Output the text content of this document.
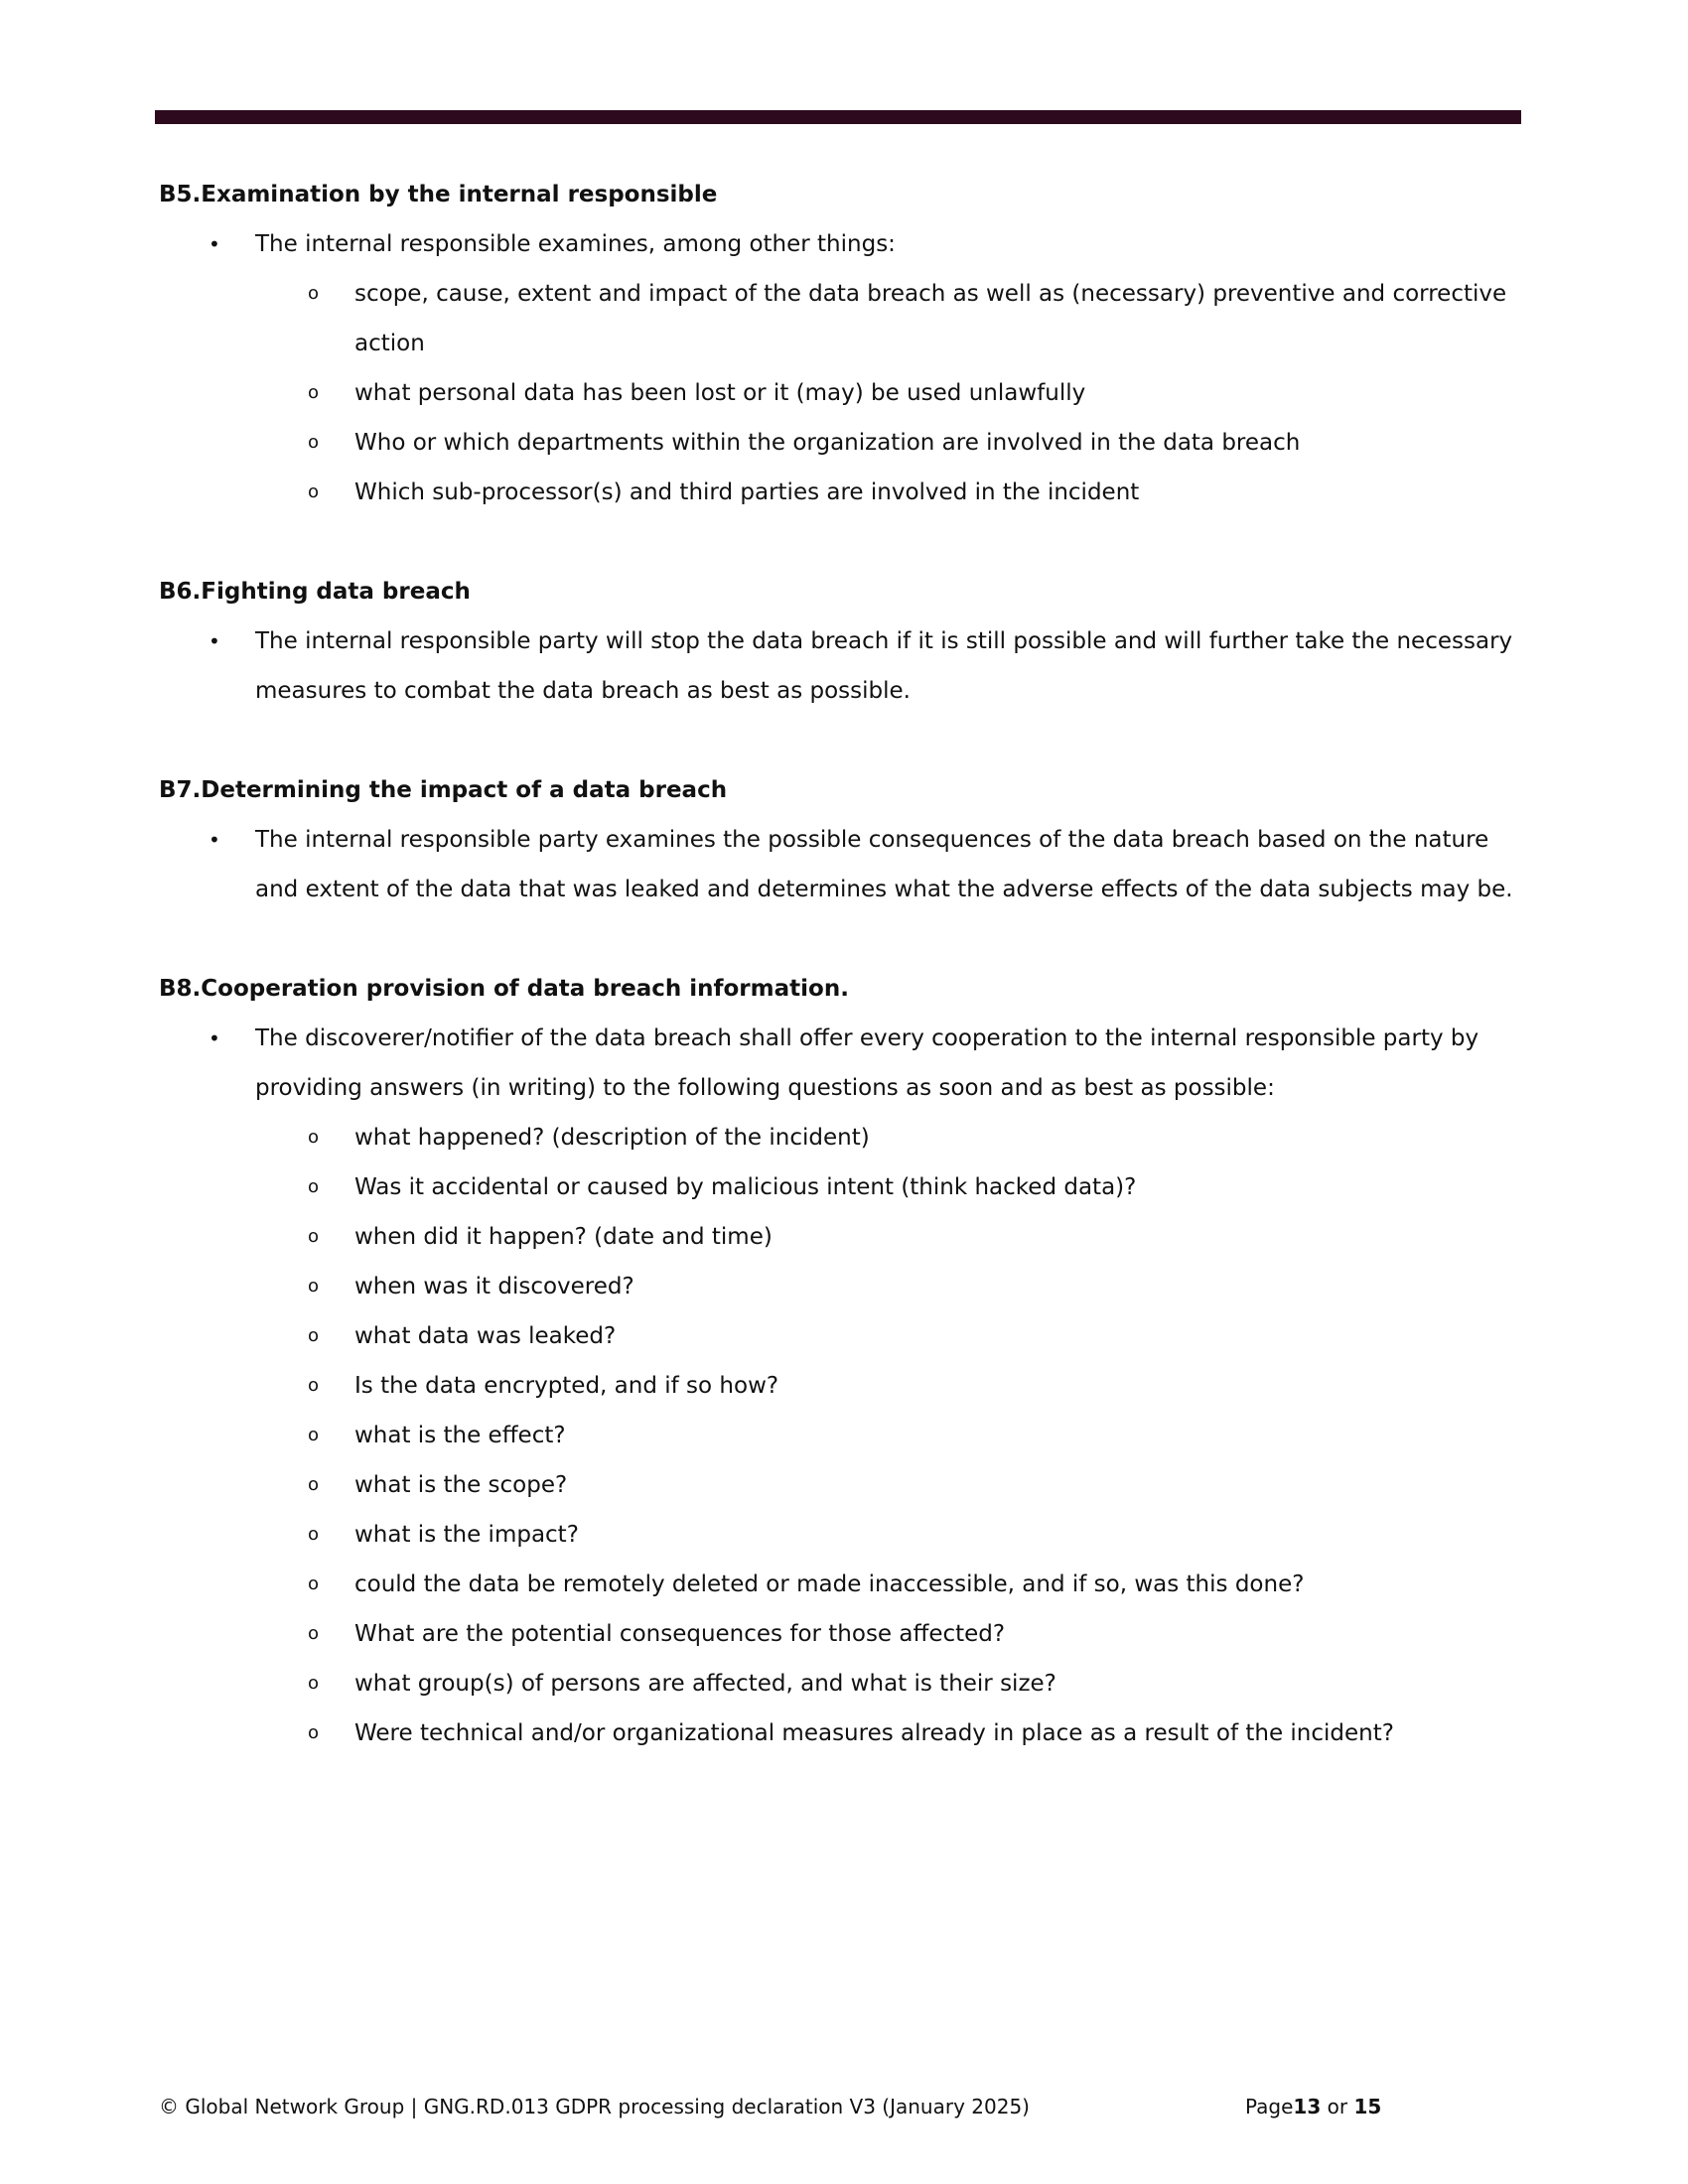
B5.Examination by the internal responsible
• The internal responsible examines, among other things:
o scope, cause, extent and impact of the data breach as well as (necessary) preventive and corrective action
o what personal data has been lost or it (may) be used unlawfully
o Who or which departments within the organization are involved in the data breach
o Which sub-processor(s) and third parties are involved in the incident
B6.Fighting data breach
• The internal responsible party will stop the data breach if it is still possible and will further take the necessary measures to combat the data breach as best as possible.
B7.Determining the impact of a data breach
• The internal responsible party examines the possible consequences of the data breach based on the nature and extent of the data that was leaked and determines what the adverse effects of the data subjects may be.
B8.Cooperation provision of data breach information.
• The discoverer/notifier of the data breach shall offer every cooperation to the internal responsible party by providing answers (in writing) to the following questions as soon and as best as possible:
o what happened? (description of the incident)
o Was it accidental or caused by malicious intent (think hacked data)?
o when did it happen? (date and time)
o when was it discovered?
o what data was leaked?
o Is the data encrypted, and if so how?
o what is the effect?
o what is the scope?
o what is the impact?
o could the data be remotely deleted or made inaccessible, and if so, was this done?
o What are the potential consequences for those affected?
o what group(s) of persons are affected, and what is their size?
o Were technical and/or organizational measures already in place as a result of the incident?
© Global Network Group | GNG.RD.013 GDPR processing declaration V3 (January 2025)	Page13 or 15
